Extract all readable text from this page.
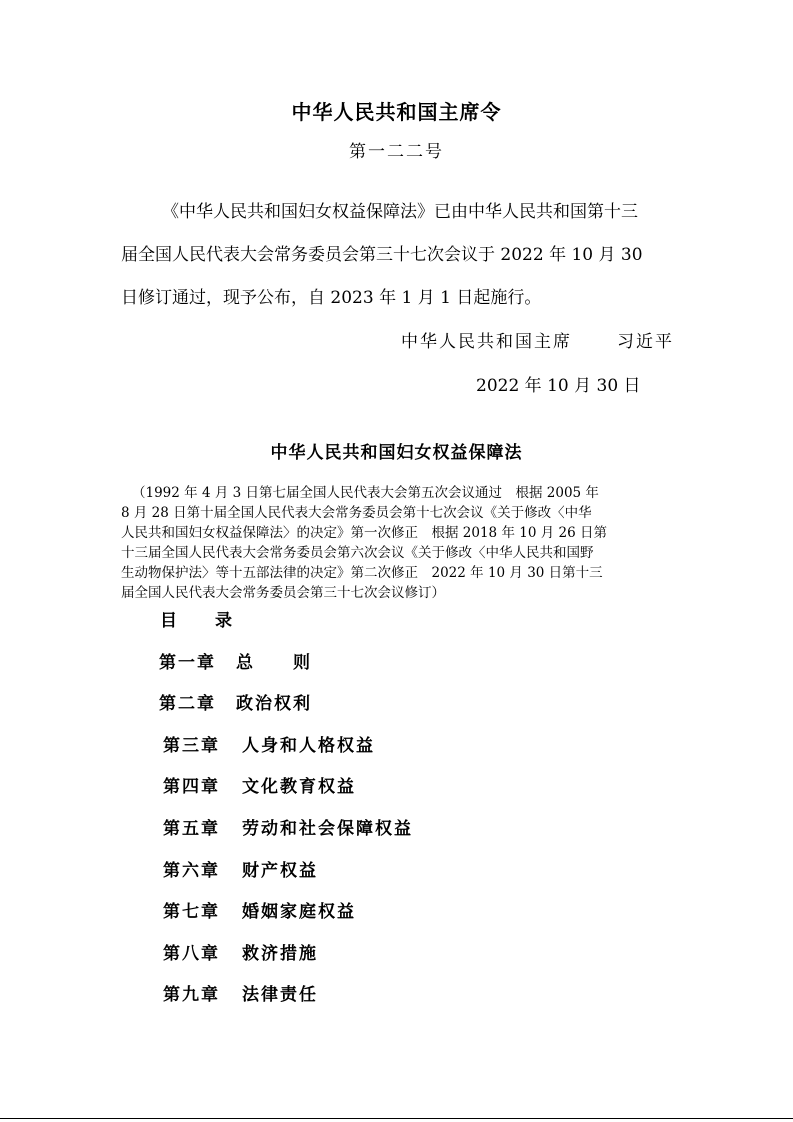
中华人民共和国主席令
第一二二号
《中华人民共和国妇女权益保障法》已由中华人民共和国第十三
届全国人民代表大会常务委员会第三十七次会议于 2022 年 10 月 30
日修订通过，现予公布，自 2023 年 1 月 1 日起施行。
中华人民共和国主席	习近平
2022 年 10 月 30 日
中华人民共和国妇女权益保障法
（1992 年 4 月 3 日第七届全国人民代表大会第五次会议通过　根据 2005 年
8 月 28 日第十届全国人民代表大会常务委员会第十七次会议《关于修改〈中华
人民共和国妇女权益保障法〉的决定》第一次修正　根据 2018 年 10 月 26 日第
十三届全国人民代表大会常务委员会第六次会议《关于修改〈中华人民共和国野
生动物保护法〉等十五部法律的决定》第二次修正　2022 年 10 月 30 日第十三
届全国人民代表大会常务委员会第三十七次会议修订）
目 录
第一章 总　　则
第二章 政治权利
第三章 人身和人格权益
第四章 文化教育权益
第五章 劳动和社会保障权益
第六章 财产权益
第七章 婚姻家庭权益
第八章 救济措施
第九章 法律责任
